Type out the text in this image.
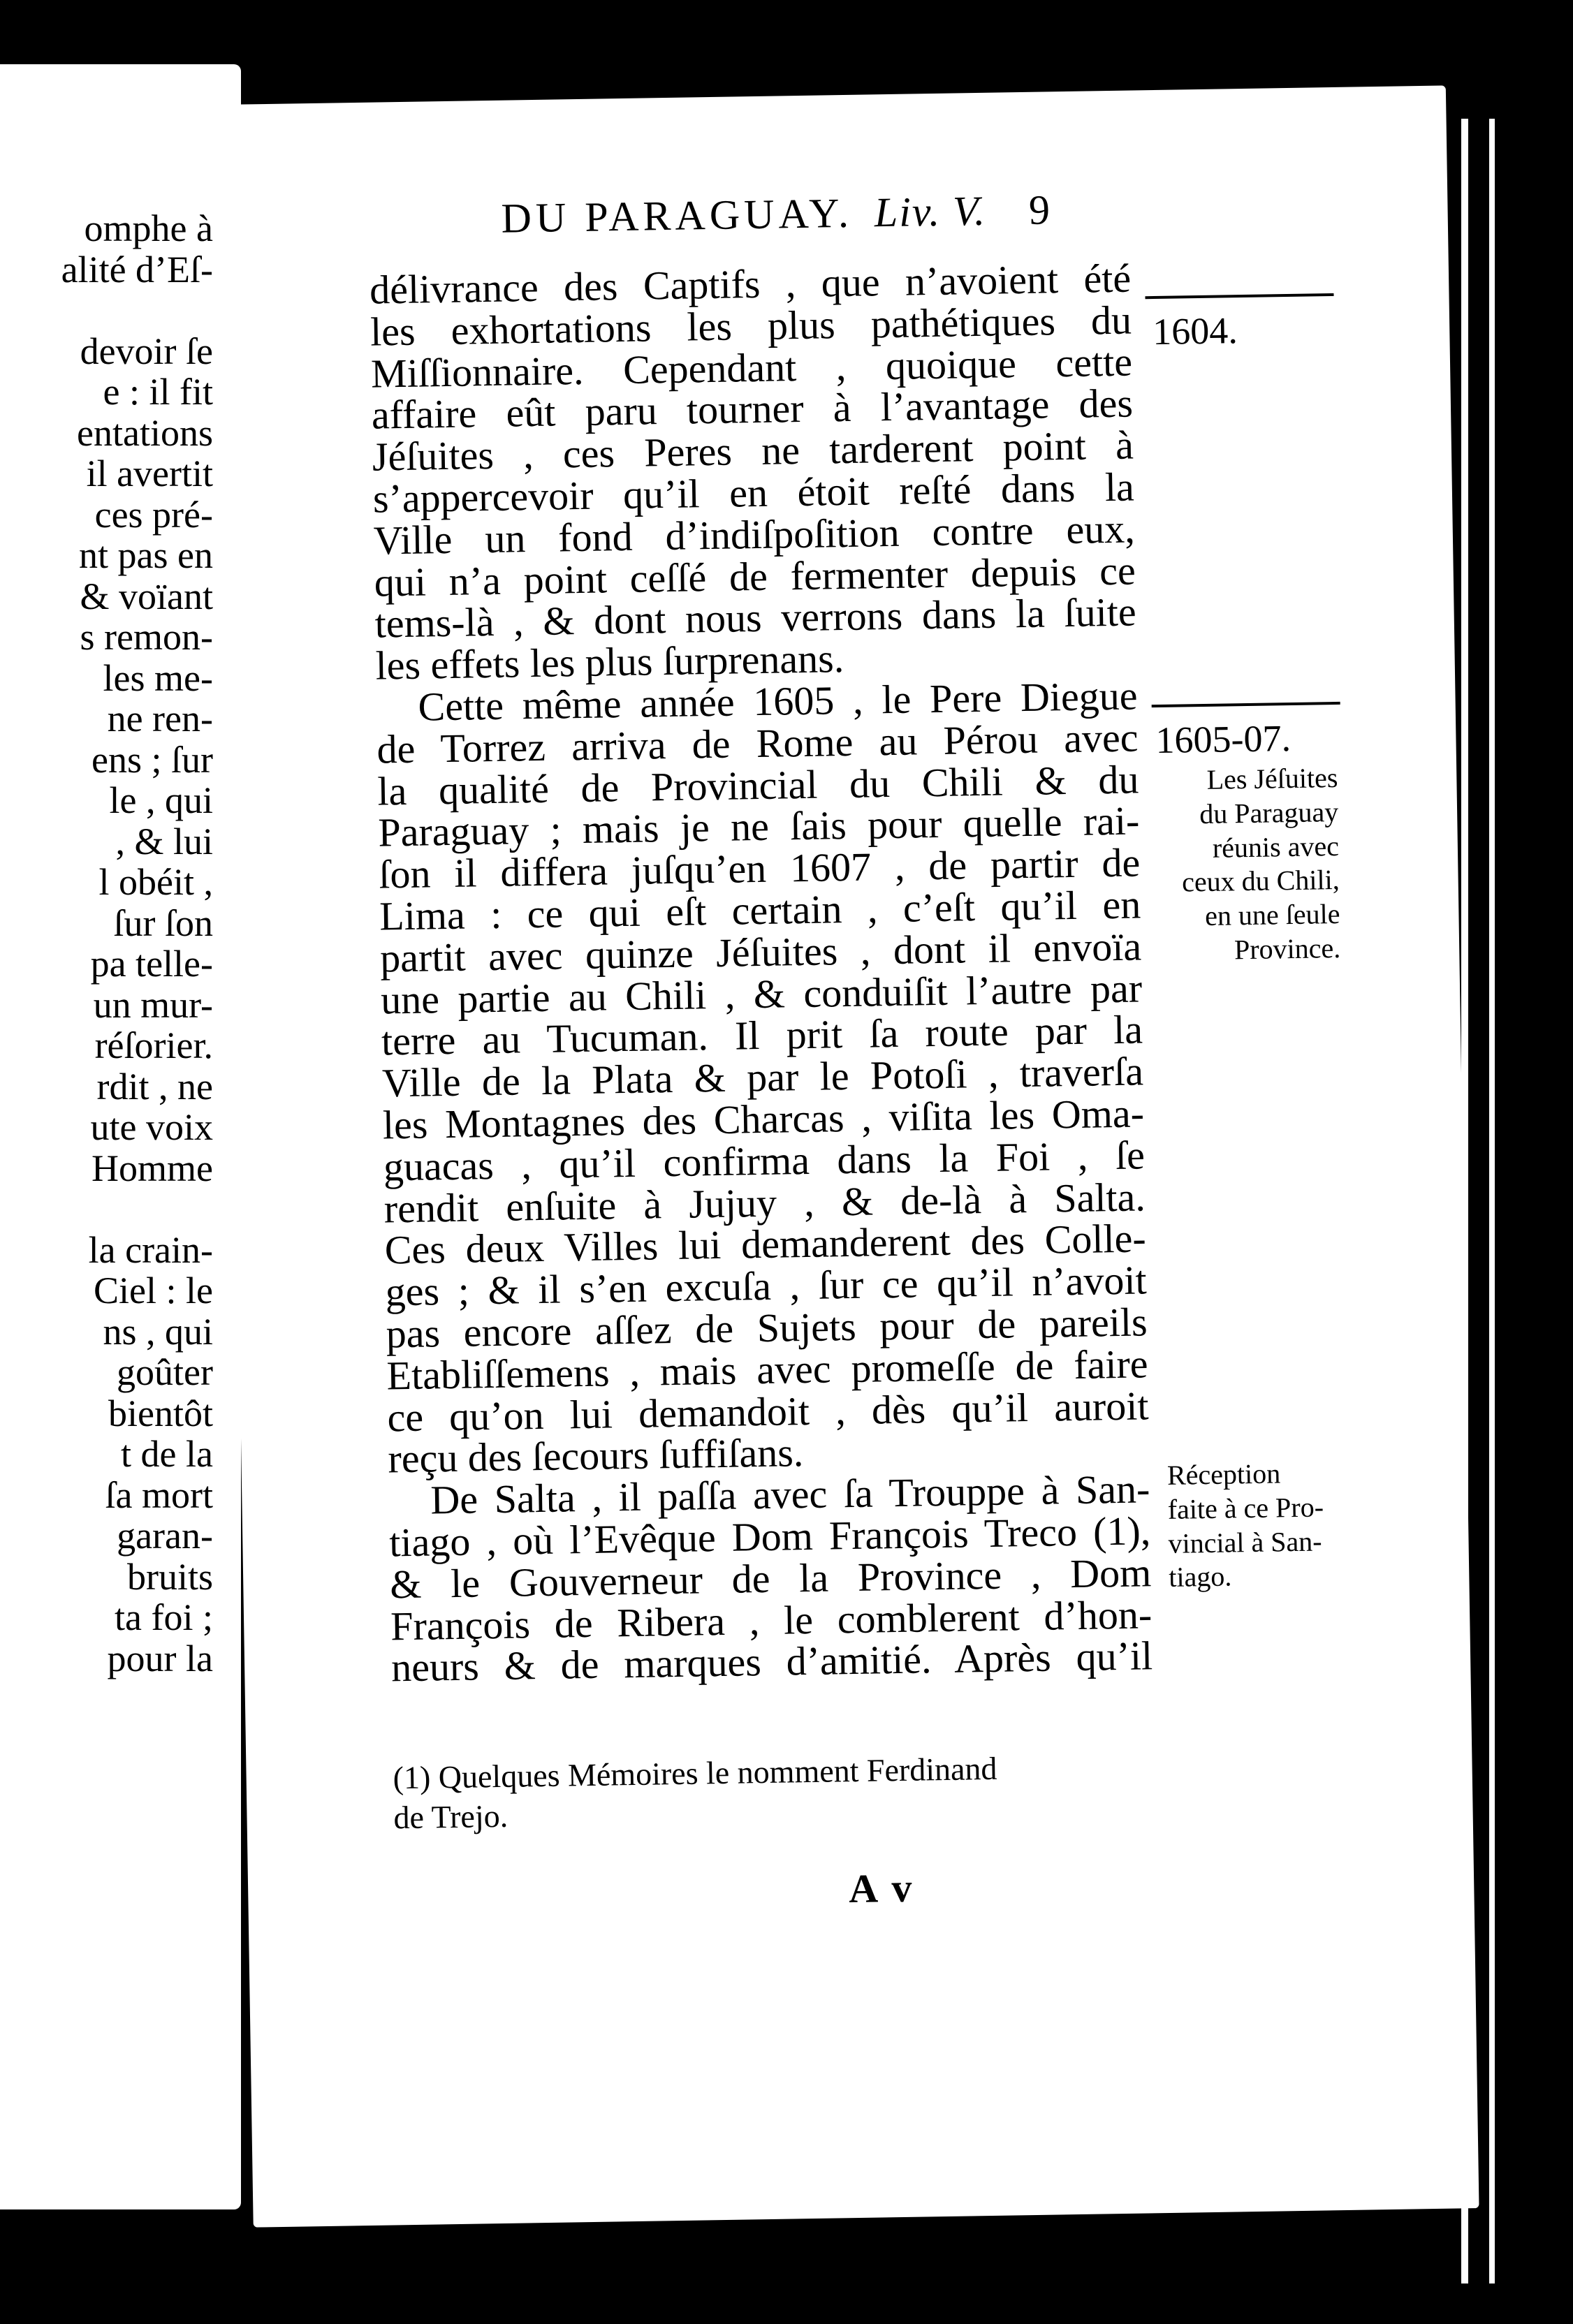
omphe à
alité d’Eſ-
devoir ſe
e : il fit
entations
il avertit
ces pré-
nt pas en
& voïant
s remon-
les me-
ne ren-
ens ; ſur
le , qui
, & lui
l obéit ,
ſur ſon
pa telle-
un mur-
réſorier.
rdit , ne
ute voix
Homme
la crain-
Ciel : le
ns , qui
goûter
bientôt
t de la
ſa mort
garan-
bruits
ta foi ;
pour la
DU PARAGUAY. Liv. V. 9
délivrance des Captifs , que n’avoient été
les exhortations les plus pathétiques du
Miſſionnaire. Cependant , quoique cette
affaire eût paru tourner à l’avantage des
Jéſuites , ces Peres ne tarderent point à
s’appercevoir qu’il en étoit reſté dans la
Ville un fond d’indiſpoſition contre eux,
qui n’a point ceſſé de fermenter depuis ce
tems-là , & dont nous verrons dans la ſuite
les effets les plus ſurprenans.
Cette même année 1605 , le Pere Diegue
de Torrez arriva de Rome au Pérou avec
la qualité de Provincial du Chili & du
Paraguay ; mais je ne ſais pour quelle rai-
ſon il differa juſqu’en 1607 , de partir de
Lima : ce qui eſt certain , c’eſt qu’il en
partit avec quinze Jéſuites , dont il envoïa
une partie au Chili , & conduiſit l’autre par
terre au Tucuman. Il prit ſa route par la
Ville de la Plata & par le Potoſi , traverſa
les Montagnes des Charcas , viſita les Oma-
guacas , qu’il confirma dans la Foi , ſe
rendit enſuite à Jujuy , & de-là à Salta.
Ces deux Villes lui demanderent des Colle-
ges ; & il s’en excuſa , ſur ce qu’il n’avoit
pas encore aſſez de Sujets pour de pareils
Etabliſſemens , mais avec promeſſe de faire
ce qu’on lui demandoit , dès qu’il auroit
reçu des ſecours ſuffiſans.
De Salta , il paſſa avec ſa Trouppe à San-
tiago , où l’Evêque Dom François Treco (1),
& le Gouverneur de la Province , Dom
François de Ribera , le comblerent d’hon-
neurs & de marques d’amitié. Après qu’il
1604.
1605-07.
Les Jéſuites
du Paraguay
réunis avec
ceux du Chili,
en une ſeule
Province.
Réception
faite à ce Pro-
vincial à San-
tiago.
(1) Quelques Mémoires le nomment Ferdinand
de Trejo.
A v
